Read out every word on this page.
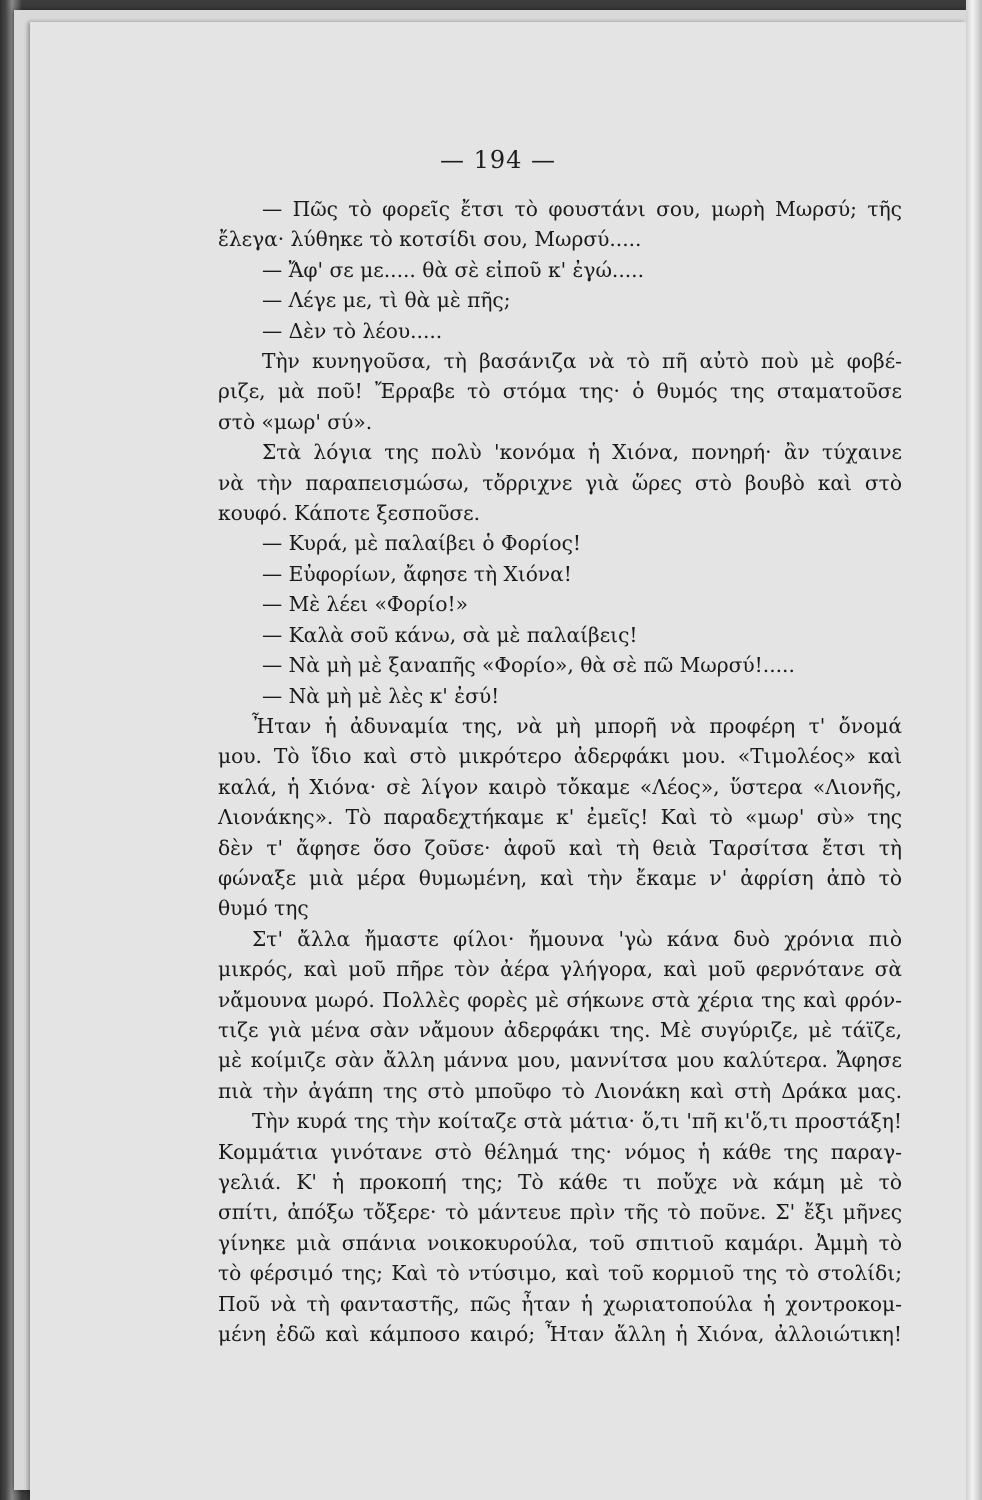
— 194 —

— Πῶς τὸ φορεῖς ἔτσι τὸ φουστάνι σου, μωρὴ Μωρσύ; τῆς

ἔλεγα· λύθηκε τὸ κοτσίδι σου, Μωρσύ.....

— Ἄφ' σε με..... θὰ σὲ εἰποῦ κ' ἐγώ.....

— Λέγε με, τὶ θὰ μὲ πῆς;

— Δὲν τὸ λέου.....

Τὴν κυνηγοῦσα, τὴ βασάνιζα νὰ τὸ πῆ αὐτὸ ποὺ μὲ φοβέ-

ριζε, μὰ ποῦ! Ἔρραβε τὸ στόμα της· ὁ θυμός της σταματοῦσε

στὸ «μωρ' σύ».

Στὰ λόγια της πολὺ 'κονόμα ἡ Χιόνα, πονηρή· ἂν τύχαινε

νὰ τὴν παραπεισμώσω, τὄρριχνε γιὰ ὥρες στὸ βουβὸ καὶ στὸ

κουφό. Κάποτε ξεσποῦσε.

— Κυρά, μὲ παλαίβει ὁ Φορίος!

— Εὐφορίων, ἄφησε τὴ Χιόνα!

— Μὲ λέει «Φορίο!»

— Καλὰ σοῦ κάνω, σὰ μὲ παλαίβεις!

— Νὰ μὴ μὲ ξαναπῆς «Φορίο», θὰ σὲ πῶ Μωρσύ!.....

— Νὰ μὴ μὲ λὲς κ' ἐσύ!

Ἦταν ἡ ἀδυναμία της, νὰ μὴ μπορῆ νὰ προφέρη τ' ὄνομά

μου. Τὸ ἴδιο καὶ στὸ μικρότερο ἀδερφάκι μου. «Τιμολέος» καὶ

καλά, ἡ Χιόνα· σὲ λίγον καιρὸ τὄκαμε «Λέος», ὕστερα «Λιονῆς,

Λιονάκης». Τὸ παραδεχτήκαμε κ' ἐμεῖς! Καὶ τὸ «μωρ' σὺ» της

δὲν τ' ἄφησε ὅσο ζοῦσε· ἀφοῦ καὶ τὴ θειὰ Ταρσίτσα ἔτσι τὴ

φώναξε μιὰ μέρα θυμωμένη, καὶ τὴν ἔκαμε ν' ἀφρίση ἀπὸ τὸ

θυμό της

Στ' ἄλλα ἤμαστε φίλοι· ἤμουνα 'γὼ κάνα δυὸ χρόνια πιὸ

μικρός, καὶ μοῦ πῆρε τὸν ἀέρα γλήγορα, καὶ μοῦ φερνότανε σὰ

νἄμουνα μωρό. Πολλὲς φορὲς μὲ σήκωνε στὰ χέρια της καὶ φρόν-

τιζε γιὰ μένα σὰν νἄμουν ἀδερφάκι της. Μὲ συγύριζε, μὲ τάϊζε,

μὲ κοίμιζε σὰν ἄλλη μάννα μου, μαννίτσα μου καλύτερα. Ἄφησε

πιὰ τὴν ἀγάπη της στὸ μποῦφο τὸ Λιονάκη καὶ στὴ Δράκα μας.

Τὴν κυρά της τὴν κοίταζε στὰ μάτια· ὅ,τι 'πῆ κι'ὅ,τι προστάξη!

Κομμάτια γινότανε στὸ θέλημά της· νόμος ἡ κάθε της παραγ-

γελιά. Κ' ἡ προκοπή της; Τὸ κάθε τι ποὔχε νὰ κάμη μὲ τὸ

σπίτι, ἀπόξω τὄξερε· τὸ μάντευε πρὶν τῆς τὸ ποῦνε. Σ' ἔξι μῆνες

γίνηκε μιὰ σπάνια νοικοκυρούλα, τοῦ σπιτιοῦ καμάρι. Ἀμμὴ τὸ

τὸ φέρσιμό της; Καὶ τὸ ντύσιμο, καὶ τοῦ κορμιοῦ της τὸ στολίδι;

Ποῦ νὰ τὴ φανταστῆς, πῶς ἦταν ἡ χωριατοπούλα ἡ χοντροκομ-

μένη ἐδῶ καὶ κάμποσο καιρό; Ἦταν ἄλλη ἡ Χιόνα, ἀλλοιώτικη!
